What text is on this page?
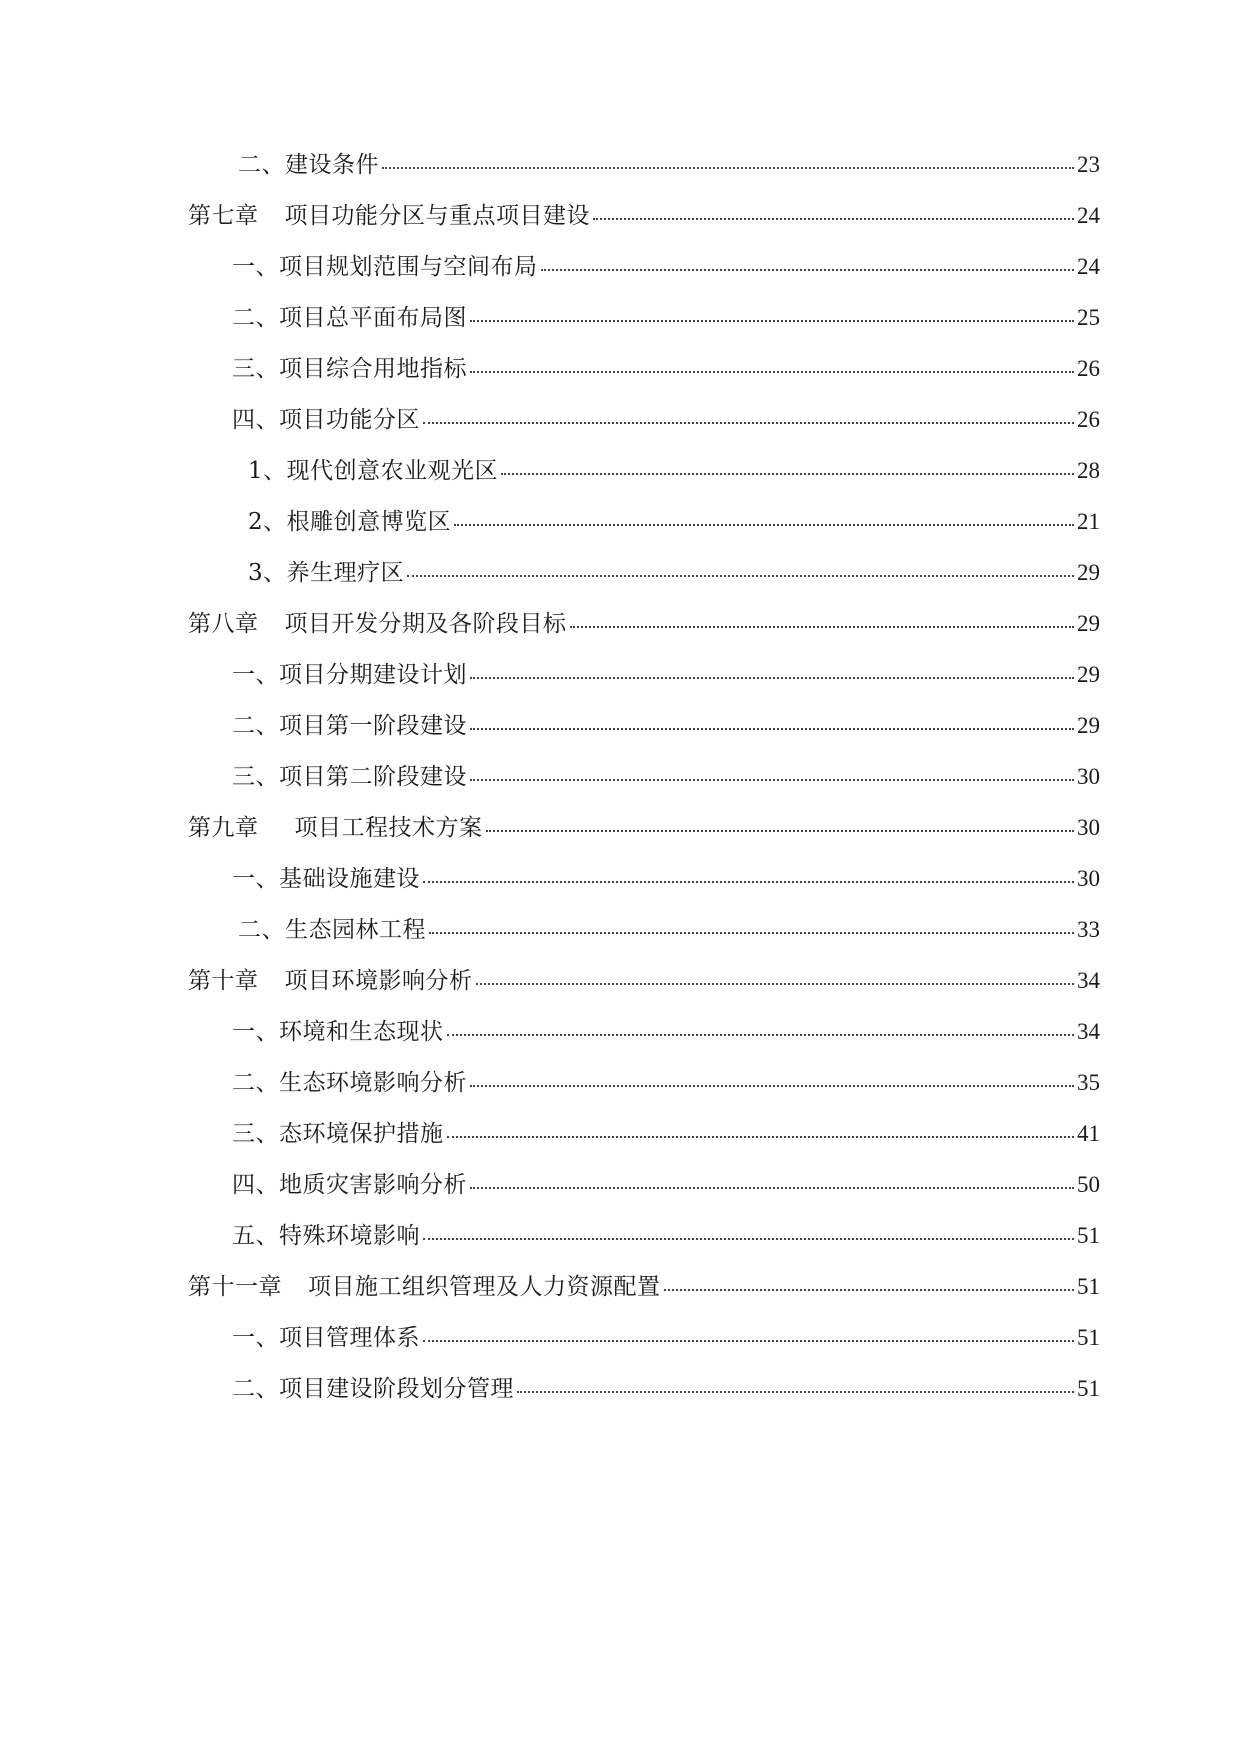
二、建设条件	23
第七章 项目功能分区与重点项目建设	24
一、项目规划范围与空间布局	24
二、项目总平面布局图	25
三、项目综合用地指标	26
四、项目功能分区	26
1、现代创意农业观光区	28
2、根雕创意博览区	21
3、养生理疗区	29
第八章 项目开发分期及各阶段目标	29
一、项目分期建设计划	29
二、项目第一阶段建设	29
三、项目第二阶段建设	30
第九章 项目工程技术方案	30
一、基础设施建设	30
二、生态园林工程	33
第十章 项目环境影响分析	34
一、环境和生态现状	34
二、生态环境影响分析	35
三、态环境保护措施	41
四、地质灾害影响分析	50
五、特殊环境影响	51
第十一章 项目施工组织管理及人力资源配置	51
一、项目管理体系	51
二、项目建设阶段划分管理	51
